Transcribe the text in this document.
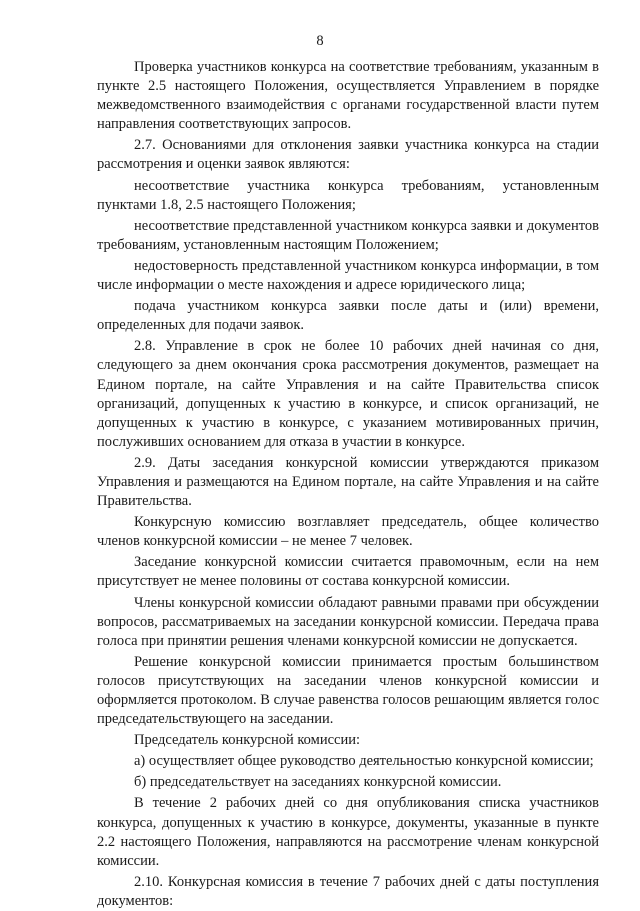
8

Проверка участников конкурса на соответствие требованиям, указанным в пункте 2.5 настоящего Положения, осуществляется Управлением в порядке межведомственного взаимодействия с органами государственной власти путем направления соответствующих запросов.

2.7. Основаниями для отклонения заявки участника конкурса на стадии рассмотрения и оценки заявок являются:

несоответствие участника конкурса требованиям, установленным пунктами 1.8, 2.5 настоящего Положения;

несоответствие представленной участником конкурса заявки и документов требованиям, установленным настоящим Положением;

недостоверность представленной участником конкурса информации, в том числе информации о месте нахождения и адресе юридического лица;

подача участником конкурса заявки после даты и (или) времени, определенных для подачи заявок.

2.8. Управление в срок не более 10 рабочих дней начиная со дня, следующего за днем окончания срока рассмотрения документов, размещает на Едином портале, на сайте Управления и на сайте Правительства список организаций, допущенных к участию в конкурсе, и список организаций, не допущенных к участию в конкурсе, с указанием мотивированных причин, послуживших основанием для отказа в участии в конкурсе.

2.9. Даты заседания конкурсной комиссии утверждаются приказом Управления и размещаются на Едином портале, на сайте Управления и на сайте Правительства.

Конкурсную комиссию возглавляет председатель, общее количество членов конкурсной комиссии – не менее 7 человек.

Заседание конкурсной комиссии считается правомочным, если на нем присутствует не менее половины от состава конкурсной комиссии.

Члены конкурсной комиссии обладают равными правами при обсуждении вопросов, рассматриваемых на заседании конкурсной комиссии. Передача права голоса при принятии решения членами конкурсной комиссии не допускается.

Решение конкурсной комиссии принимается простым большинством голосов присутствующих на заседании членов конкурсной комиссии и оформляется протоколом. В случае равенства голосов решающим является голос председательствующего на заседании.

Председатель конкурсной комиссии:

а) осуществляет общее руководство деятельностью конкурсной комиссии;

б) председательствует на заседаниях конкурсной комиссии.

В течение 2 рабочих дней со дня опубликования списка участников конкурса, допущенных к участию в конкурсе, документы, указанные в пункте 2.2 настоящего Положения, направляются на рассмотрение членам конкурсной комиссии.

2.10. Конкурсная комиссия в течение 7 рабочих дней с даты поступления документов:
